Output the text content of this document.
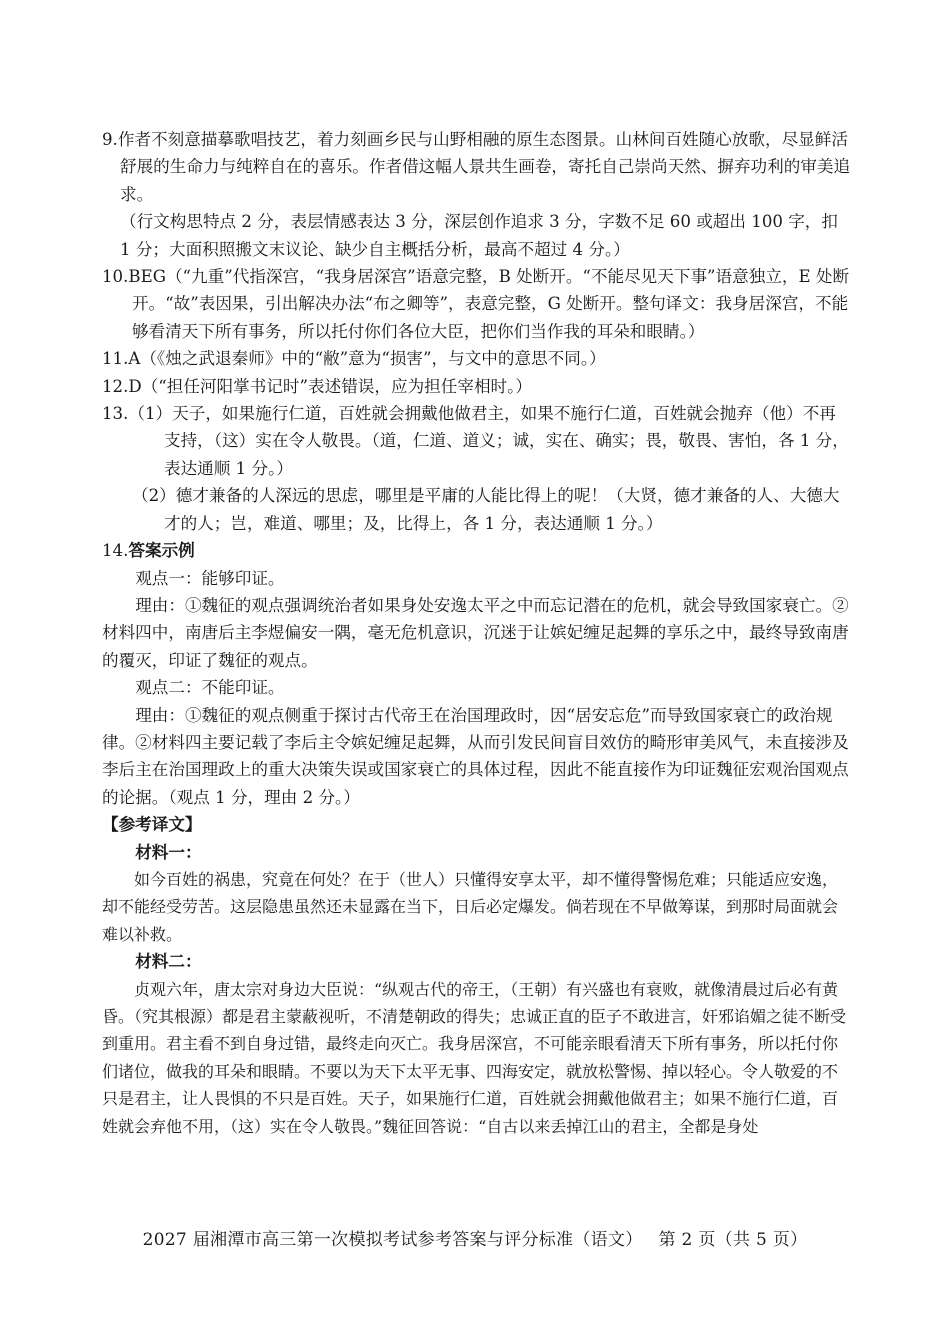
9.作者不刻意描摹歌唱技艺，着力刻画乡民与山野相融的原生态图景。山林间百姓随心放歌，尽显鲜活舒展的生命力与纯粹自在的喜乐。作者借这幅人景共生画卷，寄托自己崇尚天然、摒弃功利的审美追求。
（行文构思特点 2 分，表层情感表达 3 分，深层创作追求 3 分，字数不足 60 或超出 100 字，扣 1 分；大面积照搬文末议论、缺少自主概括分析，最高不超过 4 分。）
10.BEG（“九重”代指深宫，“我身居深宫”语意完整，B 处断开。“不能尽见天下事”语意独立，E 处断开。“故”表因果，引出解决办法“布之卿等”，表意完整，G 处断开。整句译文：我身居深宫，不能够看清天下所有事务，所以托付你们各位大臣，把你们当作我的耳朵和眼睛。）
11.A（《烛之武退秦师》中的“敝”意为“损害”，与文中的意思不同。）
12.D（“担任河阳掌书记时”表述错误，应为担任宰相时。）
13.（1）天子，如果施行仁道，百姓就会拥戴他做君主，如果不施行仁道，百姓就会抛弃（他）不再支持，（这）实在令人敬畏。（道，仁道、道义；诚，实在、确实；畏，敬畏、害怕，各 1 分，表达通顺 1 分。）
（2）德才兼备的人深远的思虑，哪里是平庸的人能比得上的呢！（大贤，德才兼备的人、大德大才的人；岂，难道、哪里；及，比得上，各 1 分，表达通顺 1 分。）
14.答案示例
观点一：能够印证。
理由：①魏征的观点强调统治者如果身处安逸太平之中而忘记潜在的危机，就会导致国家衰亡。②材料四中，南唐后主李煜偏安一隅，毫无危机意识，沉迷于让嫔妃缠足起舞的享乐之中，最终导致南唐的覆灭，印证了魏征的观点。
观点二：不能印证。
理由：①魏征的观点侧重于探讨古代帝王在治国理政时，因“居安忘危”而导致国家衰亡的政治规律。②材料四主要记载了李后主令嫔妃缠足起舞，从而引发民间盲目效仿的畸形审美风气，未直接涉及李后主在治国理政上的重大决策失误或国家衰亡的具体过程，因此不能直接作为印证魏征宏观治国观点的论据。（观点 1 分，理由 2 分。）
【参考译文】
材料一：
如今百姓的祸患，究竟在何处？在于（世人）只懂得安享太平，却不懂得警惕危难；只能适应安逸，却不能经受劳苦。这层隐患虽然还未显露在当下，日后必定爆发。倘若现在不早做筹谋，到那时局面就会难以补救。
材料二：
贞观六年，唐太宗对身边大臣说：“纵观古代的帝王，（王朝）有兴盛也有衰败，就像清晨过后必有黄昏。（究其根源）都是君主蒙蔽视听，不清楚朝政的得失；忠诚正直的臣子不敢进言，奸邪谄媚之徒不断受到重用。君主看不到自身过错，最终走向灭亡。我身居深宫，不可能亲眼看清天下所有事务，所以托付你们诸位，做我的耳朵和眼睛。不要以为天下太平无事、四海安定，就放松警惕、掉以轻心。令人敬爱的不只是君主，让人畏惧的不只是百姓。天子，如果施行仁道，百姓就会拥戴他做君主；如果不施行仁道，百姓就会弃他不用，（这）实在令人敬畏。”魏征回答说：“自古以来丢掉江山的君主，全都是身处
2027 届湘潭市高三第一次模拟考试参考答案与评分标准（语文） 第 2 页（共 5 页）
